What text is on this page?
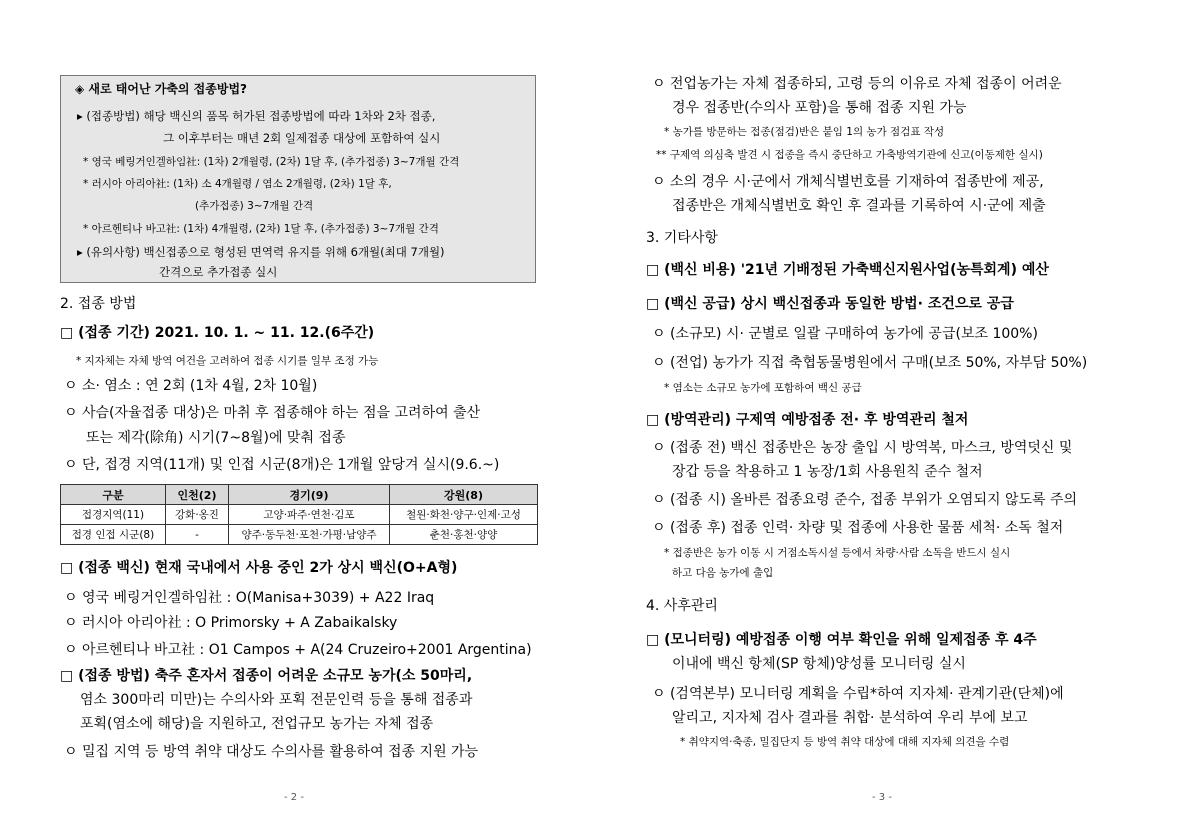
◈ 새로 태어난 가축의 접종방법?
▸ (접종방법) 해당 백신의 품목 허가된 접종방법에 따라 1차와 2차 접종,
그 이후부터는 매년 2회 일제접종 대상에 포함하여 실시
* 영국 베링거인겔하임社: (1차) 2개월령, (2차) 1달 후, (추가접종) 3~7개월 간격
* 러시아 아리아社: (1차) 소 4개월령 / 염소 2개월령, (2차) 1달 후,
(추가접종) 3~7개월 간격
* 아르헨티나 바고社: (1차) 4개월령, (2차) 1달 후, (추가접종) 3~7개월 간격
▸ (유의사항) 백신접종으로 형성된 면역력 유지를 위해 6개월(최대 7개월)
간격으로 추가접종 실시
2. 접종 방법
□ (접종 기간) 2021. 10. 1. ~ 11. 12.(6주간)
* 지자체는 자체 방역 여건을 고려하여 접종 시기를 일부 조정 가능
ㅇ 소· 염소 : 연 2회 (1차 4월, 2차 10월)
ㅇ 사슴(자율접종 대상)은 마취 후 접종해야 하는 점을 고려하여 출산
또는 제각(除角) 시기(7~8월)에 맞춰 접종
ㅇ 단, 접경 지역(11개) 및 인접 시군(8개)은 1개월 앞당겨 실시(9.6.~)
구분	인천(2)	경기(9)	강원(8)
접경지역(11)	강화·옹진	고양·파주·연천·김포	철원·화천·양구·인제·고성
접경 인접 시군(8)	-	양주·동두천·포천·가평·남양주	춘천·홍천·양양
□ (접종 백신) 현재 국내에서 사용 중인 2가 상시 백신(O+A형)
ㅇ 영국 베링거인겔하임社 : O(Manisa+3039) + A22 Iraq
ㅇ 러시아 아리아社 : O Primorsky + A Zabaikalsky
ㅇ 아르헨티나 바고社 : O1 Campos + A(24 Cruzeiro+2001 Argentina)
□ (접종 방법) 축주 혼자서 접종이 어려운 소규모 농가(소 50마리,
염소 300마리 미만)는 수의사와 포획 전문인력 등을 통해 접종과
포획(염소에 해당)을 지원하고, 전업규모 농가는 자체 접종
ㅇ 밀집 지역 등 방역 취약 대상도 수의사를 활용하여 접종 지원 가능
- 2 -
ㅇ 전업농가는 자체 접종하되, 고령 등의 이유로 자체 접종이 어려운
경우 접종반(수의사 포함)을 통해 접종 지원 가능
* 농가를 방문하는 접종(점검)반은 붙임 1의 농가 점검표 작성
** 구제역 의심축 발견 시 접종을 즉시 중단하고 가축방역기관에 신고(이동제한 실시)
ㅇ 소의 경우 시·군에서 개체식별번호를 기재하여 접종반에 제공,
접종반은 개체식별번호 확인 후 결과를 기록하여 시·군에 제출
3. 기타사항
□ (백신 비용) '21년 기배정된 가축백신지원사업(농특회계) 예산
□ (백신 공급) 상시 백신접종과 동일한 방법· 조건으로 공급
ㅇ (소규모) 시· 군별로 일괄 구매하여 농가에 공급(보조 100%)
ㅇ (전업) 농가가 직접 축협동물병원에서 구매(보조 50%, 자부담 50%)
* 염소는 소규모 농가에 포함하여 백신 공급
□ (방역관리) 구제역 예방접종 전· 후 방역관리 철저
ㅇ (접종 전) 백신 접종반은 농장 출입 시 방역복, 마스크, 방역덧신 및
장갑 등을 착용하고 1 농장/1회 사용원칙 준수 철저
ㅇ (접종 시) 올바른 접종요령 준수, 접종 부위가 오염되지 않도록 주의
ㅇ (접종 후) 접종 인력· 차량 및 접종에 사용한 물품 세척· 소독 철저
* 접종반은 농가 이동 시 거점소독시설 등에서 차량·사람 소독을 반드시 실시
하고 다음 농가에 출입
4. 사후관리
□ (모니터링) 예방접종 이행 여부 확인을 위해 일제접종 후 4주
이내에 백신 항체(SP 항체)양성률 모니터링 실시
ㅇ (검역본부) 모니터링 계획을 수립*하여 지자체· 관계기관(단체)에
알리고, 지자체 검사 결과를 취합· 분석하여 우리 부에 보고
* 취약지역·축종, 밀집단지 등 방역 취약 대상에 대해 지자체 의견을 수렴
- 3 -
